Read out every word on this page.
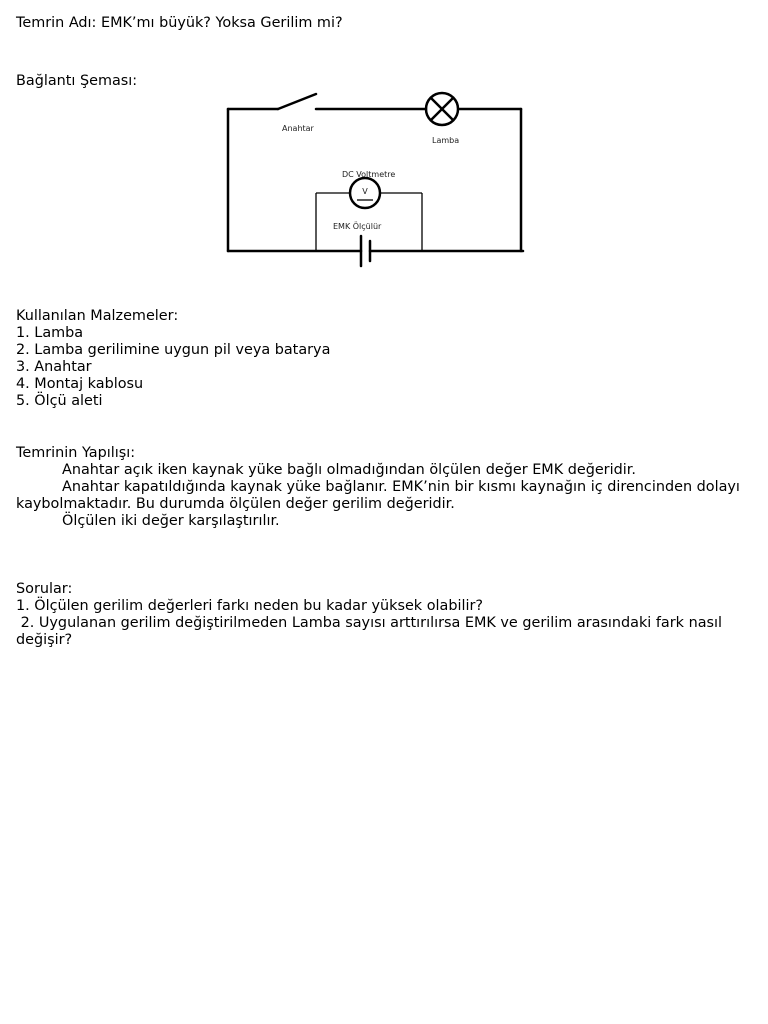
Temrin Adı: EMK’mı büyük? Yoksa Gerilim mi?
Bağlantı Şeması:
V
Anahtar
Lamba
DC Voltmetre
EMK Ölçülür
Kullanılan Malzemeler:
1. Lamba
2. Lamba gerilimine uygun pil veya batarya
3. Anahtar
4. Montaj kablosu
5. Ölçü aleti
Temrinin Yapılışı:
Anahtar açık iken kaynak yüke bağlı olmadığından ölçülen değer EMK değeridir.
Anahtar kapatıldığında kaynak yüke bağlanır. EMK’nin bir kısmı kaynağın iç direncinden dolayı kaybolmaktadır. Bu durumda ölçülen değer gerilim değeridir.
Ölçülen iki değer karşılaştırılır.
Sorular:
1. Ölçülen gerilim değerleri farkı neden bu kadar yüksek olabilir?
2. Uygulanan gerilim değiştirilmeden Lamba sayısı arttırılırsa EMK ve gerilim arasındaki fark nasıl değişir?
